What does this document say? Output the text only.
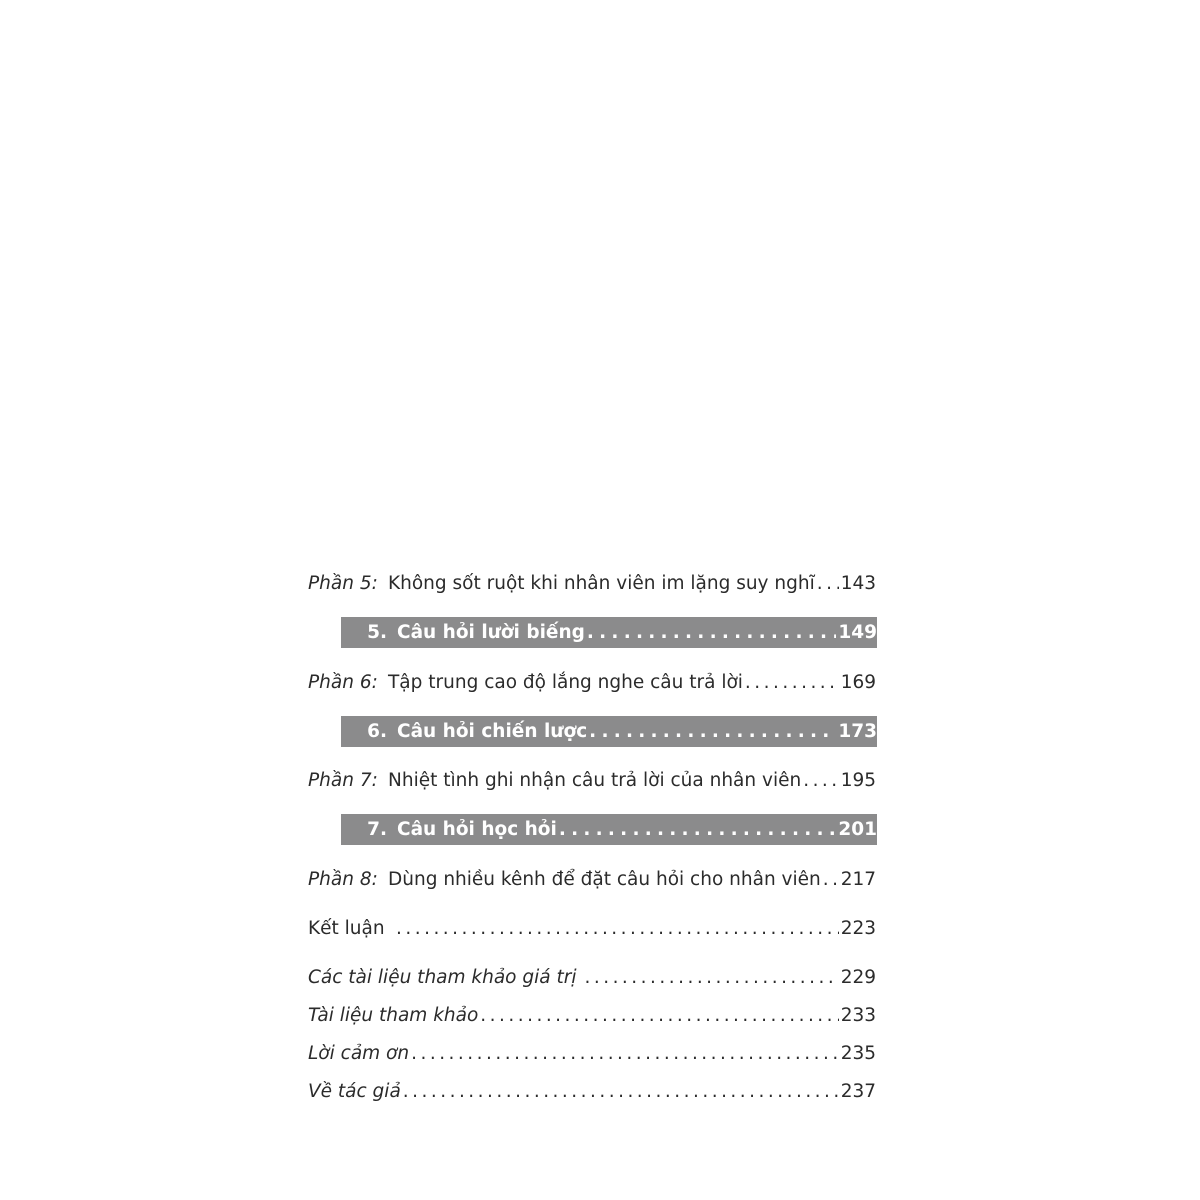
Phần 5: Không sốt ruột khi nhân viên im lặng suy nghĩ . . . 143
5. Câu hỏi lười biếng . . .	149
Phần 6: Tập trung cao độ lắng nghe câu trả lời . . .	169
6. Câu hỏi chiến lược . . .	173
Phần 7: Nhiệt tình ghi nhận câu trả lời của nhân viên . . . 195
7. Câu hỏi học hỏi . . .	201
Phần 8: Dùng nhiều kênh để đặt câu hỏi cho nhân viên . . . 217
Kết luận . . .	223
Các tài liệu tham khảo giá trị . . .	229
Tài liệu tham khảo . . .	233
Lời cảm ơn . . .	235
Về tác giả . . .	237
